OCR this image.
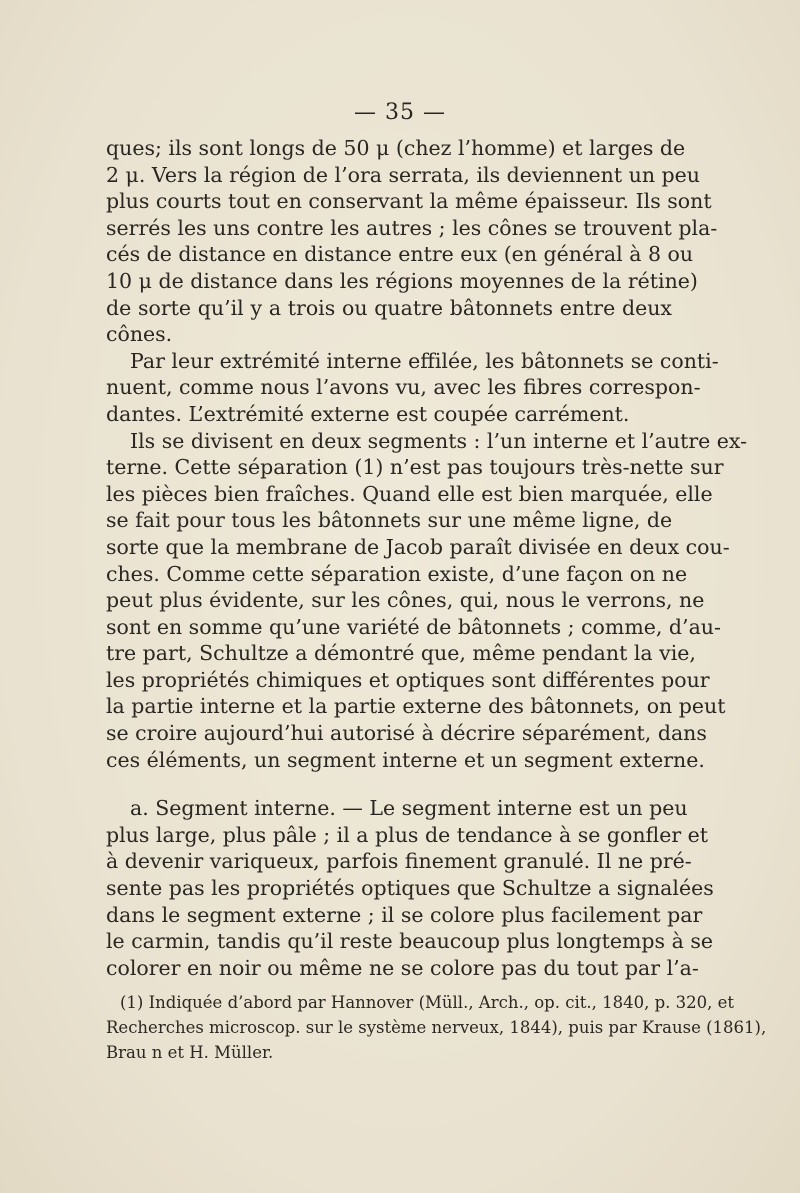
— 35 —
ques; ils sont longs de 50 μ (chez l’homme) et larges de
2 μ. Vers la région de l’ora serrata, ils deviennent un peu
plus courts tout en conservant la même épaisseur. Ils sont
serrés les uns contre les autres ; les cônes se trouvent pla-
cés de distance en distance entre eux (en général à 8 ou
10 μ de distance dans les régions moyennes de la rétine)
de sorte qu’il y a trois ou quatre bâtonnets entre deux
cônes.
Par leur extrémité interne effilée, les bâtonnets se conti-
nuent, comme nous l’avons vu, avec les fibres correspon-
dantes. L’extrémité externe est coupée carrément.
Ils se divisent en deux segments : l’un interne et l’autre ex-
terne. Cette séparation (1) n’est pas toujours très-nette sur
les pièces bien fraîches. Quand elle est bien marquée, elle
se fait pour tous les bâtonnets sur une même ligne, de
sorte que la membrane de Jacob paraît divisée en deux cou-
ches. Comme cette séparation existe, d’une façon on ne
peut plus évidente, sur les cônes, qui, nous le verrons, ne
sont en somme qu’une variété de bâtonnets ; comme, d’au-
tre part, Schultze a démontré que, même pendant la vie,
les propriétés chimiques et optiques sont différentes pour
la partie interne et la partie externe des bâtonnets, on peut
se croire aujourd’hui autorisé à décrire séparément, dans
ces éléments, un segment interne et un segment externe.
a. Segment interne. — Le segment interne est un peu
plus large, plus pâle ; il a plus de tendance à se gonfler et
à devenir variqueux, parfois finement granulé. Il ne pré-
sente pas les propriétés optiques que Schultze a signalées
dans le segment externe ; il se colore plus facilement par
le carmin, tandis qu’il reste beaucoup plus longtemps à se
colorer en noir ou même ne se colore pas du tout par l’a-
(1) Indiquée d’abord par Hannover (Müll., Arch., op. cit., 1840, p. 320, et
Recherches microscop. sur le système nerveux, 1844), puis par Krause (1861),
Brau n et H. Müller.
